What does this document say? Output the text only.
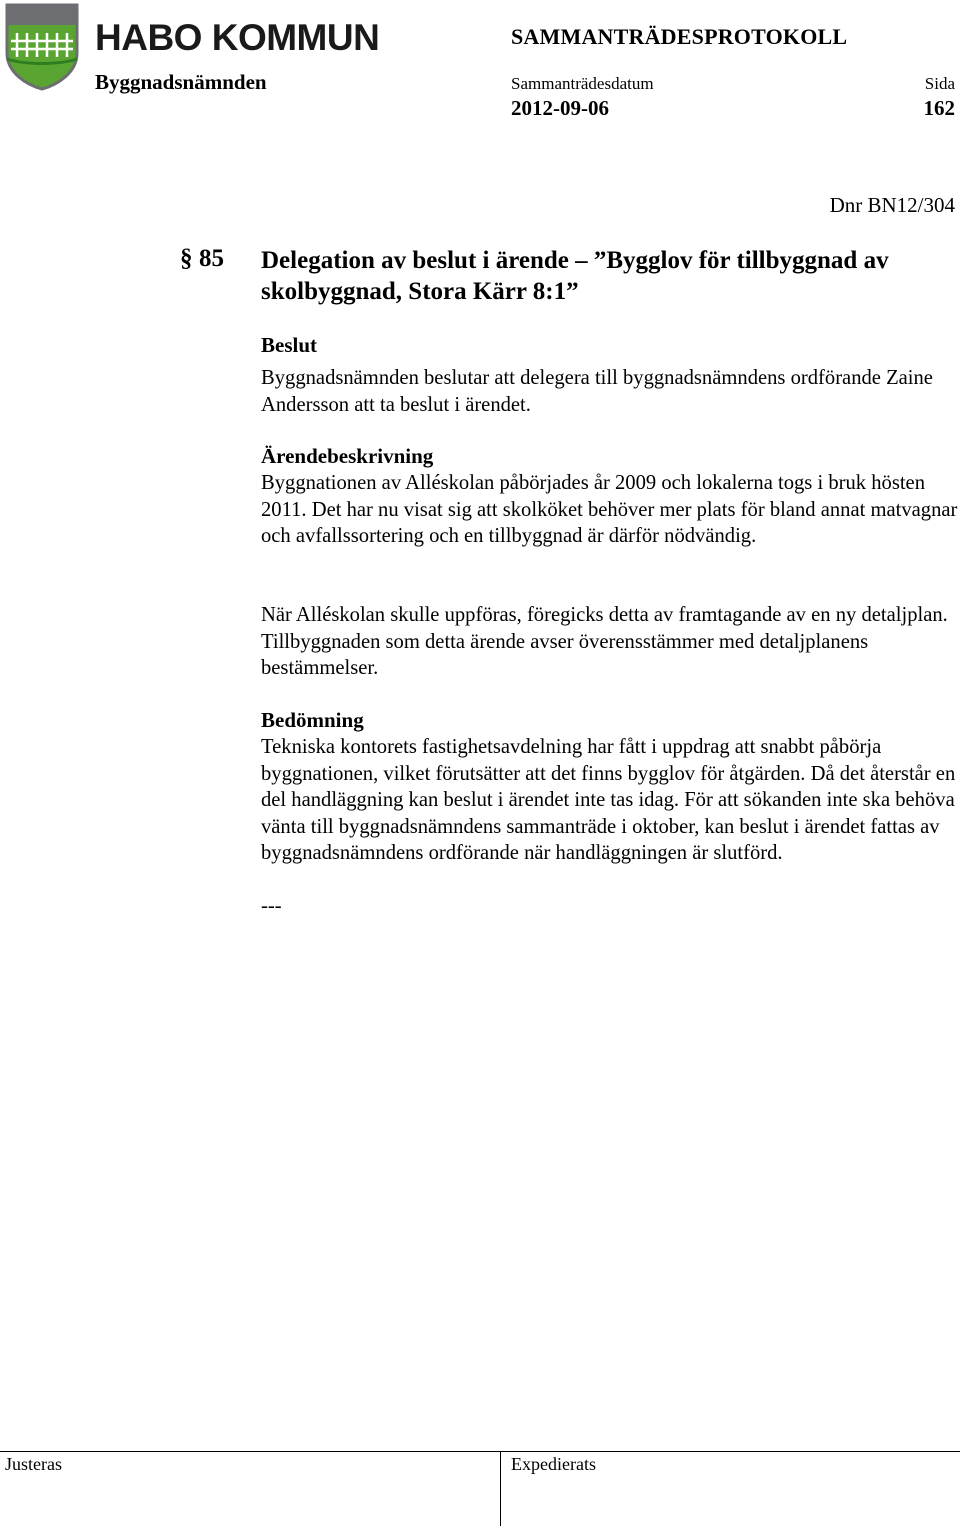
HABO KOMMUN	SAMMANTRÄDESPROTOKOLL
Byggnadsnämnden	Sammanträdesdatum
2012-09-06
Sida
162
Dnr BN12/304
§ 85 Delegation av beslut i ärende – ”Bygglov för tillbyggnad av skolbyggnad, Stora Kärr 8:1”
Beslut
Byggnadsnämnden beslutar att delegera till byggnadsnämndens ordförande Zaine Andersson att ta beslut i ärendet.
Ärendebeskrivning
Byggnationen av Alléskolan påbörjades år 2009 och lokalerna togs i bruk hösten 2011. Det har nu visat sig att skolköket behöver mer plats för bland annat matvagnar och avfallssortering och en tillbyggnad är därför nödvändig.
När Alléskolan skulle uppföras, föregicks detta av framtagande av en ny detaljplan. Tillbyggnaden som detta ärende avser överensstämmer med detaljplanens bestämmelser.
Bedömning
Tekniska kontorets fastighetsavdelning har fått i uppdrag att snabbt påbörja byggnationen, vilket förutsätter att det finns bygglov för åtgärden. Då det återstår en del handläggning kan beslut i ärendet inte tas idag. För att sökanden inte ska behöva vänta till byggnadsnämndens sammanträde i oktober, kan beslut i ärendet fattas av byggnadsnämndens ordförande när handläggningen är slutförd.
---
Justeras	Expedierats
